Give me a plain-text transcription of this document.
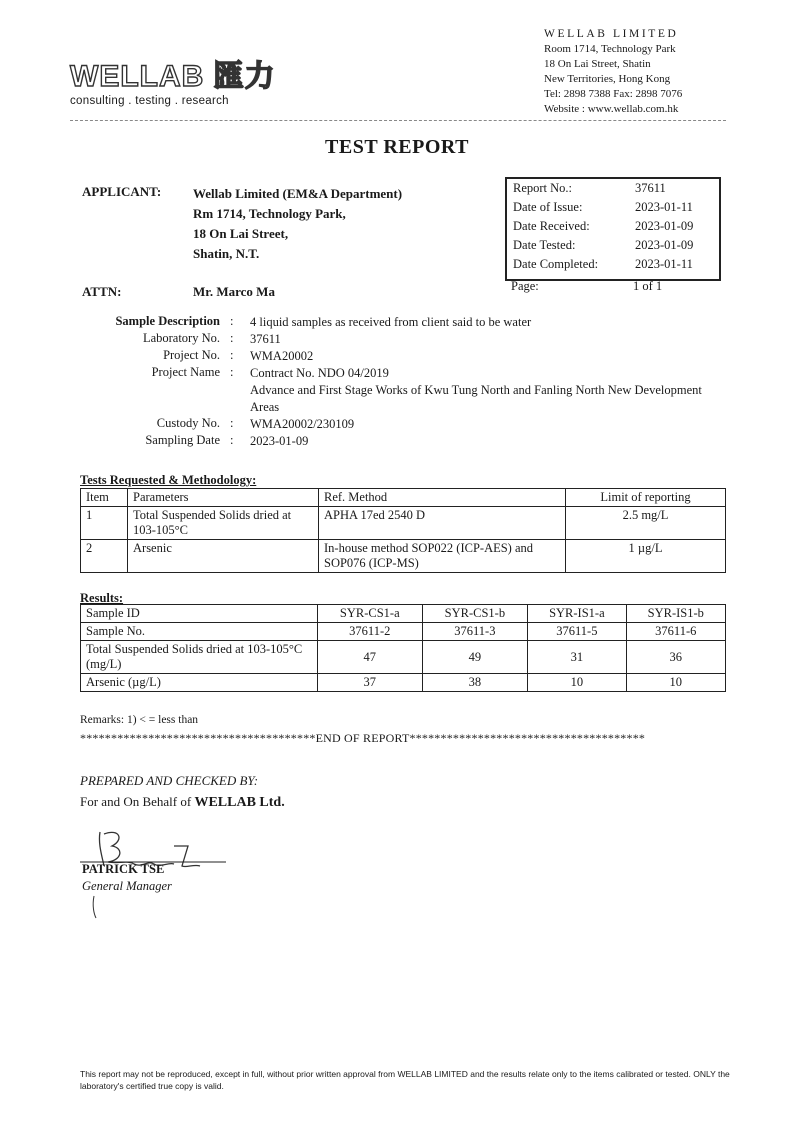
WELLAB 匯力
consulting . testing . research
WELLAB LIMITED
Room 1714, Technology Park
18 On Lai Street, Shatin
New Territories, Hong Kong
Tel: 2898 7388 Fax: 2898 7076
Website : www.wellab.com.hk
TEST REPORT
APPLICANT: Wellab Limited (EM&A Department)
Rm 1714, Technology Park,
18 On Lai Street,
Shatin, N.T.
ATTN:	Mr. Marco Ma
Report No.:	37611
Date of Issue:	2023-01-11
Date Received:	2023-01-09
Date Tested:	2023-01-09
Date Completed:	2023-01-11
Page:	1 of 1
Sample Description : 4 liquid samples as received from client said to be water
Laboratory No. : 37611
Project No. : WMA20002
Project Name : Contract No. NDO 04/2019
Advance and First Stage Works of Kwu Tung North and Fanling North New Development Areas
Custody No. : WMA20002/230109
Sampling Date : 2023-01-09
Tests Requested & Methodology:
Item	Parameters	Ref. Method	Limit of reporting
1	Total Suspended Solids dried at 103-105°C	APHA 17ed 2540 D	2.5 mg/L
2	Arsenic	In-house method SOP022 (ICP-AES) and SOP076 (ICP-MS)	1 µg/L
Results:
Sample ID	SYR-CS1-a	SYR-CS1-b	SYR-IS1-a	SYR-IS1-b
Sample No.	37611-2	37611-3	37611-5	37611-6
Total Suspended Solids dried at 103-105°C (mg/L)	47	49	31	36
Arsenic (µg/L)	37	38	10	10
Remarks: 1) < = less than
**************************************END OF REPORT**************************************
PREPARED AND CHECKED BY:
For and On Behalf of WELLAB Ltd.
PATRICK TSE
General Manager
This report may not be reproduced, except in full, without prior written approval from WELLAB LIMITED and the results relate only to the items calibrated or tested. ONLY the laboratory's certified true copy is valid.
